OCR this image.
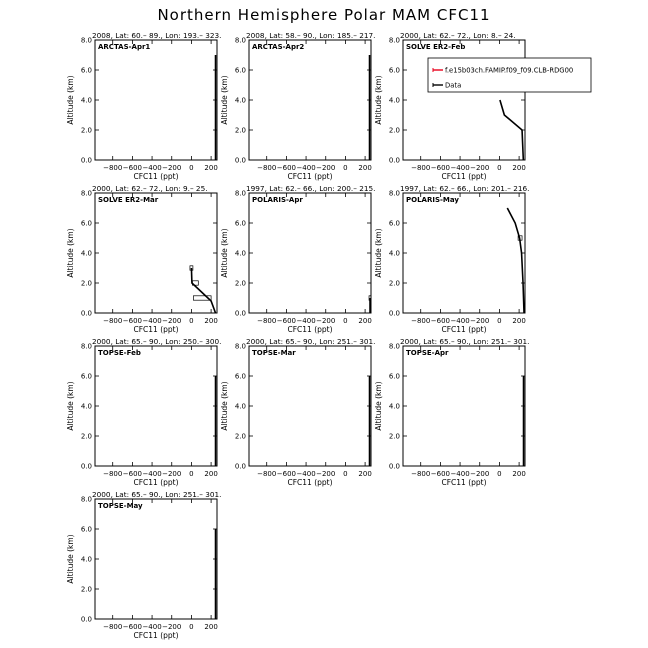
Northern Hemisphere Polar MAM CFC11
2008, Lat: 60.– 89., Lon: 193.– 323.
ARCTAS-Apr1
−800 −600 −400 −200 0 200
0.0
2.0
4.0
6.0
8.0
CFC11 (ppt)
Altitude (km)
2008, Lat: 58.– 90., Lon: 185.– 217.
ARCTAS-Apr2
−800 −600 −400 −200 0 200
0.0
2.0
4.0
6.0
8.0
CFC11 (ppt)
Altitude (km)
2000, Lat: 62.– 72., Lon: 8.– 24.
SOLVE ER2-Feb
−800 −600 −400 −200 0 200
0.0
2.0
4.0
6.0
8.0
CFC11 (ppt)
Altitude (km)
f.e15b03ch.FAMIP.f09_f09.CLB-RDG00
Data
2000, Lat: 62.– 72., Lon: 9.– 25.
SOLVE ER2-Mar
−800 −600 −400 −200 0 200
0.0
2.0
4.0
6.0
8.0
CFC11 (ppt)
Altitude (km)
1997, Lat: 62.– 66., Lon: 200.– 215.
POLARIS-Apr
−800 −600 −400 −200 0 200
0.0
2.0
4.0
6.0
8.0
CFC11 (ppt)
Altitude (km)
1997, Lat: 62.– 66., Lon: 201.– 216.
POLARIS-May
−800 −600 −400 −200 0 200
0.0
2.0
4.0
6.0
8.0
CFC11 (ppt)
Altitude (km)
2000, Lat: 65.– 90., Lon: 250.– 300.
TOPSE-Feb
−800 −600 −400 −200 0 200
0.0
2.0
4.0
6.0
8.0
CFC11 (ppt)
Altitude (km)
2000, Lat: 65.– 90., Lon: 251.– 301.
TOPSE-Mar
−800 −600 −400 −200 0 200
0.0
2.0
4.0
6.0
8.0
CFC11 (ppt)
Altitude (km)
2000, Lat: 65.– 90., Lon: 251.– 301.
TOPSE-Apr
−800 −600 −400 −200 0 200
0.0
2.0
4.0
6.0
8.0
CFC11 (ppt)
Altitude (km)
2000, Lat: 65.– 90., Lon: 251.– 301.
TOPSE-May
−800 −600 −400 −200 0 200
0.0
2.0
4.0
6.0
8.0
CFC11 (ppt)
Altitude (km)
